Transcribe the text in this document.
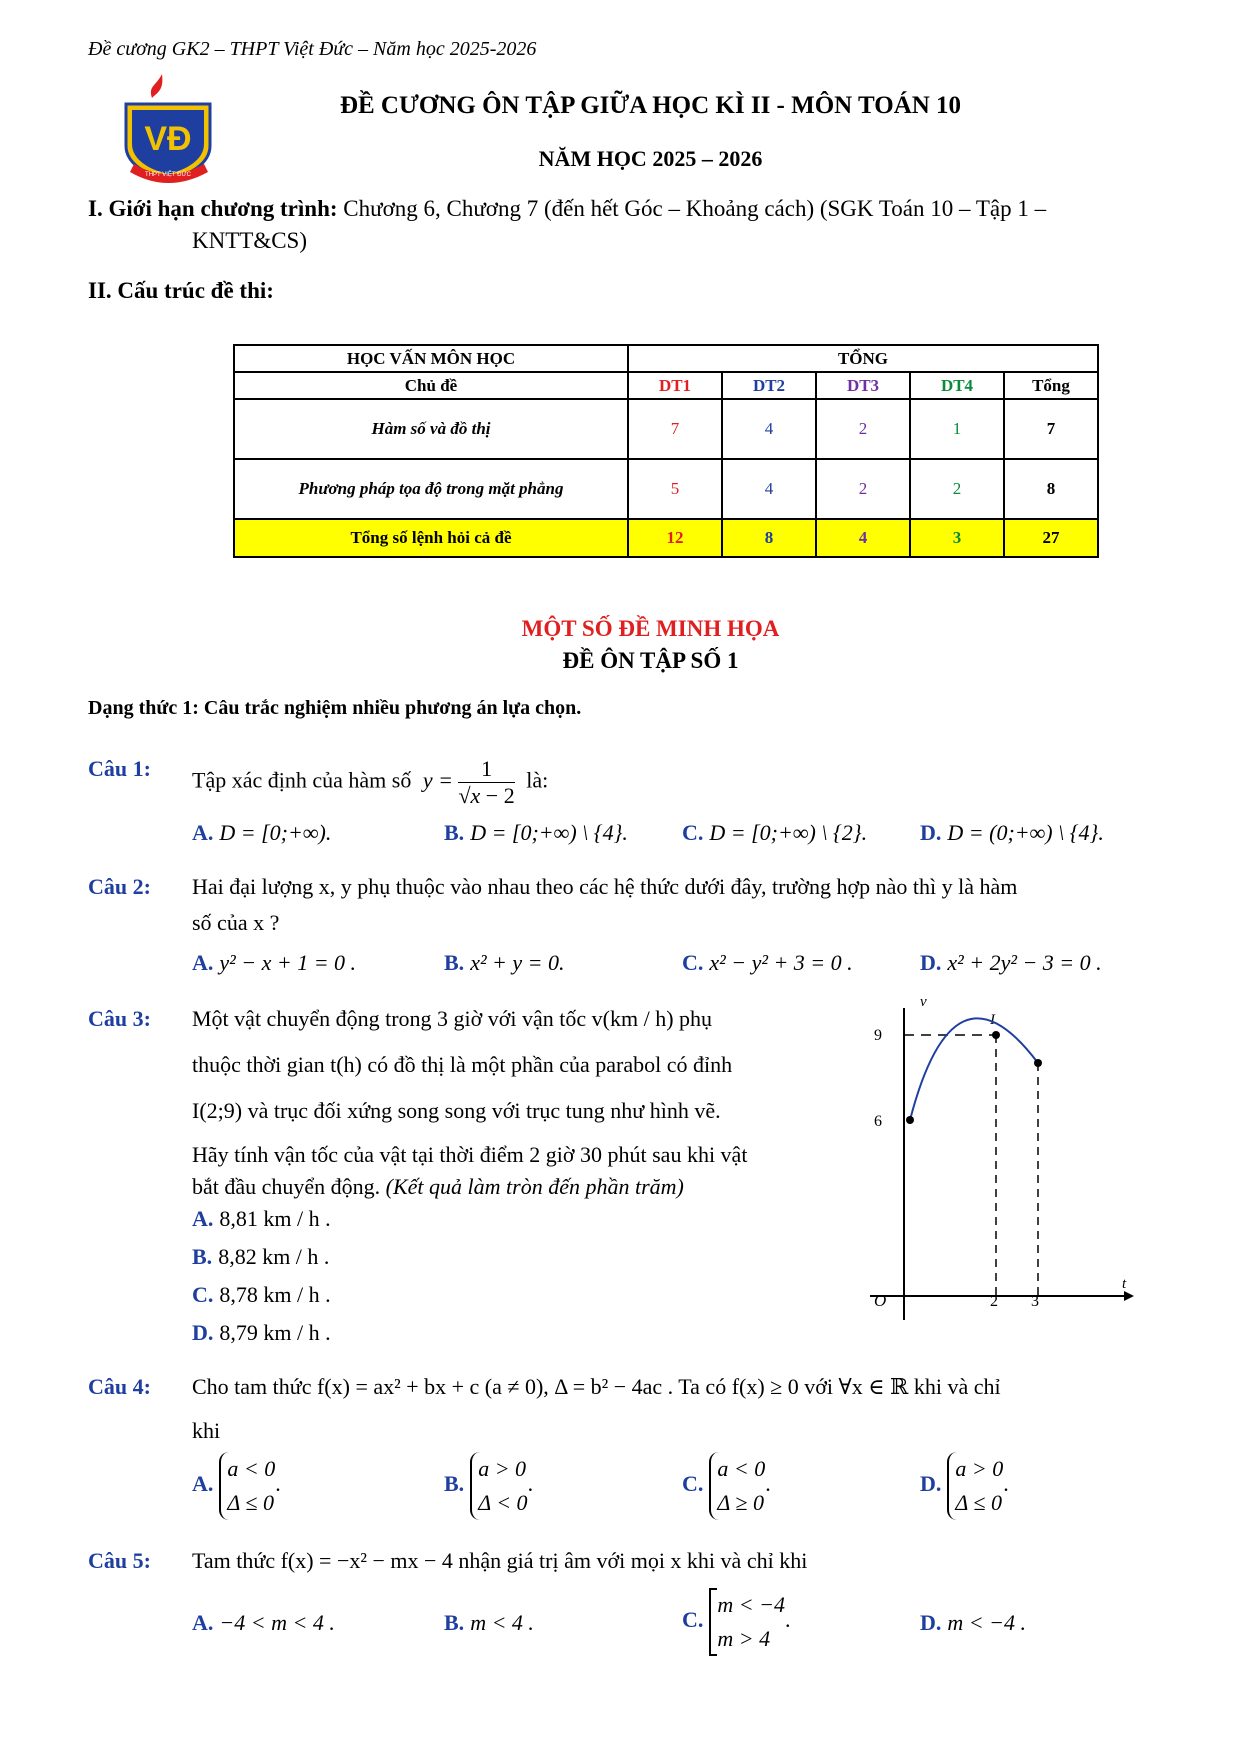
Đề cương GK2 – THPT Việt Đức – Năm học 2025-2026
VĐ
THPT VIỆT ĐỨC
ĐỀ CƯƠNG ÔN TẬP GIỮA HỌC KÌ II - MÔN TOÁN 10
NĂM HỌC 2025 – 2026
I. Giới hạn chương trình: Chương 6, Chương 7 (đến hết Góc – Khoảng cách) (SGK Toán 10 – Tập 1 –
KNTT&CS)
II. Cấu trúc đề thi:
HỌC VẤN MÔN HỌC	TỔNG				
Chủ đề	DT1	DT2	DT3	DT4	Tổng
Hàm số và đồ thị	7	4	2	1	7
Phương pháp tọa độ trong mặt phẳng	5	4	2	2	8
Tổng số lệnh hỏi cả đề	12	8	4	3	27
MỘT SỐ ĐỀ MINH HỌA
ĐỀ ÔN TẬP SỐ 1
Dạng thức 1: Câu trắc nghiệm nhiều phương án lựa chọn.
Câu 1: Tập xác định của hàm số $y = \frac{1}{√x - 2}$ là:
A. D = [0;+∞).	B. D = [0;+∞) \ {4}. C. D = [0;+∞) \ {2}. D. D = (0;+∞) \ {4}.
Câu 2: Hai đại lượng x, y phụ thuộc vào nhau theo các hệ thức dưới đây, trường hợp nào thì y là hàm
số của x ?
A. y² − x + 1 = 0 .	B. x² + y = 0.	C. x² − y² + 3 = 0 .	D. x² + 2y² − 3 = 0 .
Câu 3: Một vật chuyển động trong 3 giờ với vận tốc v(km / h) phụ
thuộc thời gian t(h) có đồ thị là một phần của parabol có đỉnh
I(2;9) và trục đối xứng song song với trục tung như hình vẽ.
Hãy tính vận tốc của vật tại thời điểm 2 giờ 30 phút sau khi vật
bắt đầu chuyển động. (Kết quả làm tròn đến phần trăm)
A. 8,81 km / h .
B. 8,82 km / h .
C. 8,78 km / h .
D. 8,79 km / h .
v
t
O
9
6
2 3
I
Câu 4: Cho tam thức f(x) = ax² + bx + c (a ≠ 0), Δ = b² − 4ac . Ta có f(x) ≥ 0 với ∀x ∈ ℝ khi và chỉ
khi
A.
a < 0
Δ ≤ 0
.	B.
a > 0
Δ < 0
.	C.
a < 0
Δ ≥ 0
.	D.
a > 0
Δ ≤ 0
.
Câu 5: Tam thức f(x) = −x² − mx − 4 nhận giá trị âm với mọi x khi và chỉ khi
A. −4 < m < 4 .	B. m < 4 .	C.
m < −4
m > 4
.	D. m < −4 .
